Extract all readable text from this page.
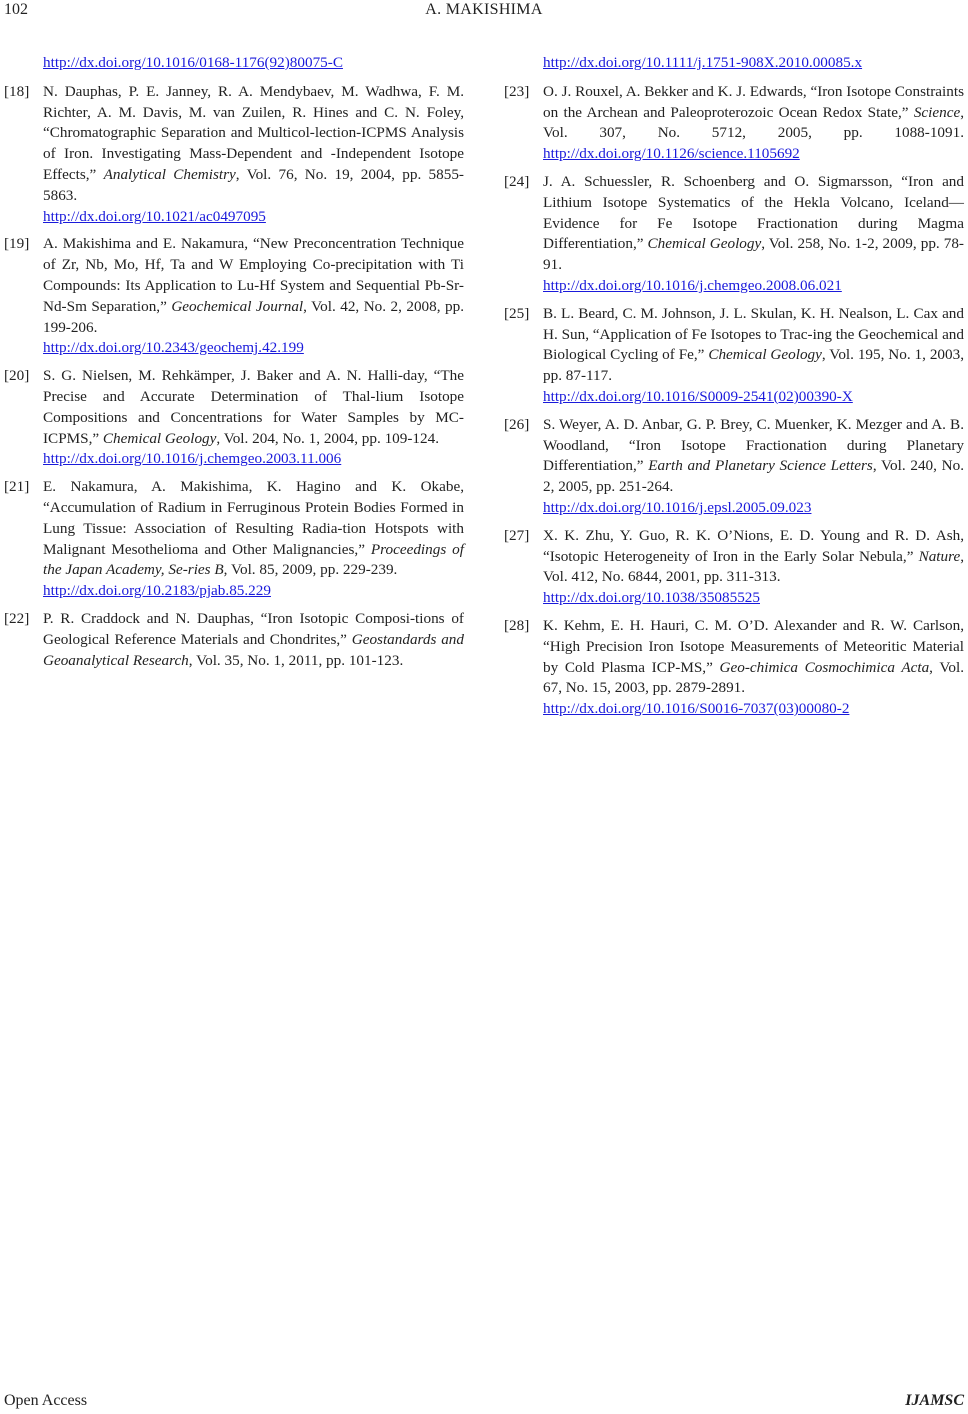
102	A. MAKISHIMA
http://dx.doi.org/10.1016/0168-1176(92)80075-C
[18] N. Dauphas, P. E. Janney, R. A. Mendybaev, M. Wadhwa, F. M. Richter, A. M. Davis, M. van Zuilen, R. Hines and C. N. Foley, “Chromatographic Separation and Multicol-lection-ICPMS Analysis of Iron. Investigating Mass-Dependent and -Independent Isotope Effects,” Analytical Chemistry, Vol. 76, No. 19, 2004, pp. 5855-5863.
http://dx.doi.org/10.1021/ac0497095
[19] A. Makishima and E. Nakamura, “New Preconcentration Technique of Zr, Nb, Mo, Hf, Ta and W Employing Co-precipitation with Ti Compounds: Its Application to Lu-Hf System and Sequential Pb-Sr-Nd-Sm Separation,” Geochemical Journal, Vol. 42, No. 2, 2008, pp. 199-206.
http://dx.doi.org/10.2343/geochemj.42.199
[20] S. G. Nielsen, M. Rehkämper, J. Baker and A. N. Halli-day, “The Precise and Accurate Determination of Thal-lium Isotope Compositions and Concentrations for Water Samples by MC-ICPMS,” Chemical Geology, Vol. 204, No. 1, 2004, pp. 109-124.
http://dx.doi.org/10.1016/j.chemgeo.2003.11.006
[21] E. Nakamura, A. Makishima, K. Hagino and K. Okabe, “Accumulation of Radium in Ferruginous Protein Bodies Formed in Lung Tissue: Association of Resulting Radia-tion Hotspots with Malignant Mesothelioma and Other Malignancies,” Proceedings of the Japan Academy, Se-ries B, Vol. 85, 2009, pp. 229-239.
http://dx.doi.org/10.2183/pjab.85.229
[22] P. R. Craddock and N. Dauphas, “Iron Isotopic Composi-tions of Geological Reference Materials and Chondrites,” Geostandards and Geoanalytical Research, Vol. 35, No. 1, 2011, pp. 101-123.
http://dx.doi.org/10.1111/j.1751-908X.2010.00085.x
[23] O. J. Rouxel, A. Bekker and K. J. Edwards, “Iron Isotope Constraints on the Archean and Paleoproterozoic Ocean Redox State,” Science, Vol. 307, No. 5712, 2005, pp. 1088-1091. http://dx.doi.org/10.1126/science.1105692
[24] J. A. Schuessler, R. Schoenberg and O. Sigmarsson, “Iron and Lithium Isotope Systematics of the Hekla Volcano, Iceland—Evidence for Fe Isotope Fractionation during Magma Differentiation,” Chemical Geology, Vol. 258, No. 1-2, 2009, pp. 78-91.
http://dx.doi.org/10.1016/j.chemgeo.2008.06.021
[25] B. L. Beard, C. M. Johnson, J. L. Skulan, K. H. Nealson, L. Cax and H. Sun, “Application of Fe Isotopes to Trac-ing the Geochemical and Biological Cycling of Fe,” Chemical Geology, Vol. 195, No. 1, 2003, pp. 87-117.
http://dx.doi.org/10.1016/S0009-2541(02)00390-X
[26] S. Weyer, A. D. Anbar, G. P. Brey, C. Muenker, K. Mezger and A. B. Woodland, “Iron Isotope Fractionation during Planetary Differentiation,” Earth and Planetary Science Letters, Vol. 240, No. 2, 2005, pp. 251-264.
http://dx.doi.org/10.1016/j.epsl.2005.09.023
[27] X. K. Zhu, Y. Guo, R. K. O’Nions, E. D. Young and R. D. Ash, “Isotopic Heterogeneity of Iron in the Early Solar Nebula,” Nature, Vol. 412, No. 6844, 2001, pp. 311-313.
http://dx.doi.org/10.1038/35085525
[28] K. Kehm, E. H. Hauri, C. M. O’D. Alexander and R. W. Carlson, “High Precision Iron Isotope Measurements of Meteoritic Material by Cold Plasma ICP-MS,” Geo-chimica Cosmochimica Acta, Vol. 67, No. 15, 2003, pp. 2879-2891.
http://dx.doi.org/10.1016/S0016-7037(03)00080-2
Open Access	IJAMSC
